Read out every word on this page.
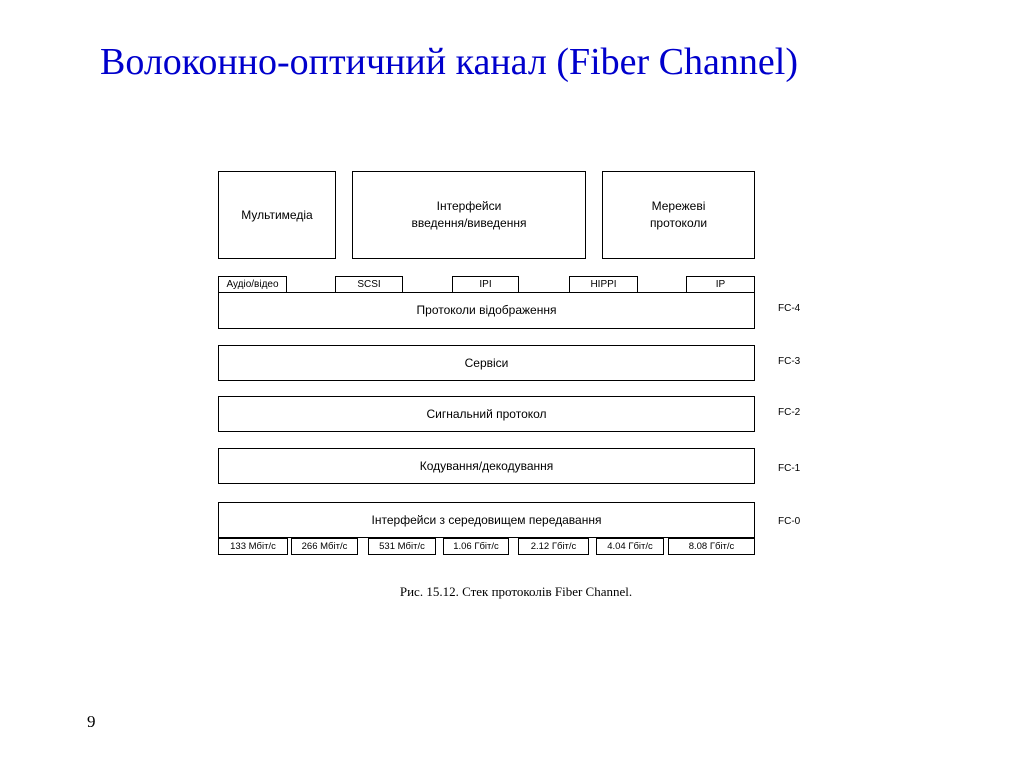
Волоконно-оптичний канал (Fiber Channel)
Мультимедіа
Інтерфейси
введення/виведення
Мережеві
протоколи
Аудіо/відео	SCSI	IPI	HIPPI	IP
Протоколи відображення	FC-4
Сервіси	FC-3
Сигнальний протокол	FC-2
Кодування/декодування	FC-1
Інтерфейси з середовищем передавання	FC-0
133 Мбіт/с	266 Мбіт/с	531 Мбіт/с	1.06 Гбіт/с	2.12 Гбіт/с	4.04 Гбіт/с	8.08 Гбіт/с
Рис. 15.12. Стек протоколів Fiber Channel.
9
